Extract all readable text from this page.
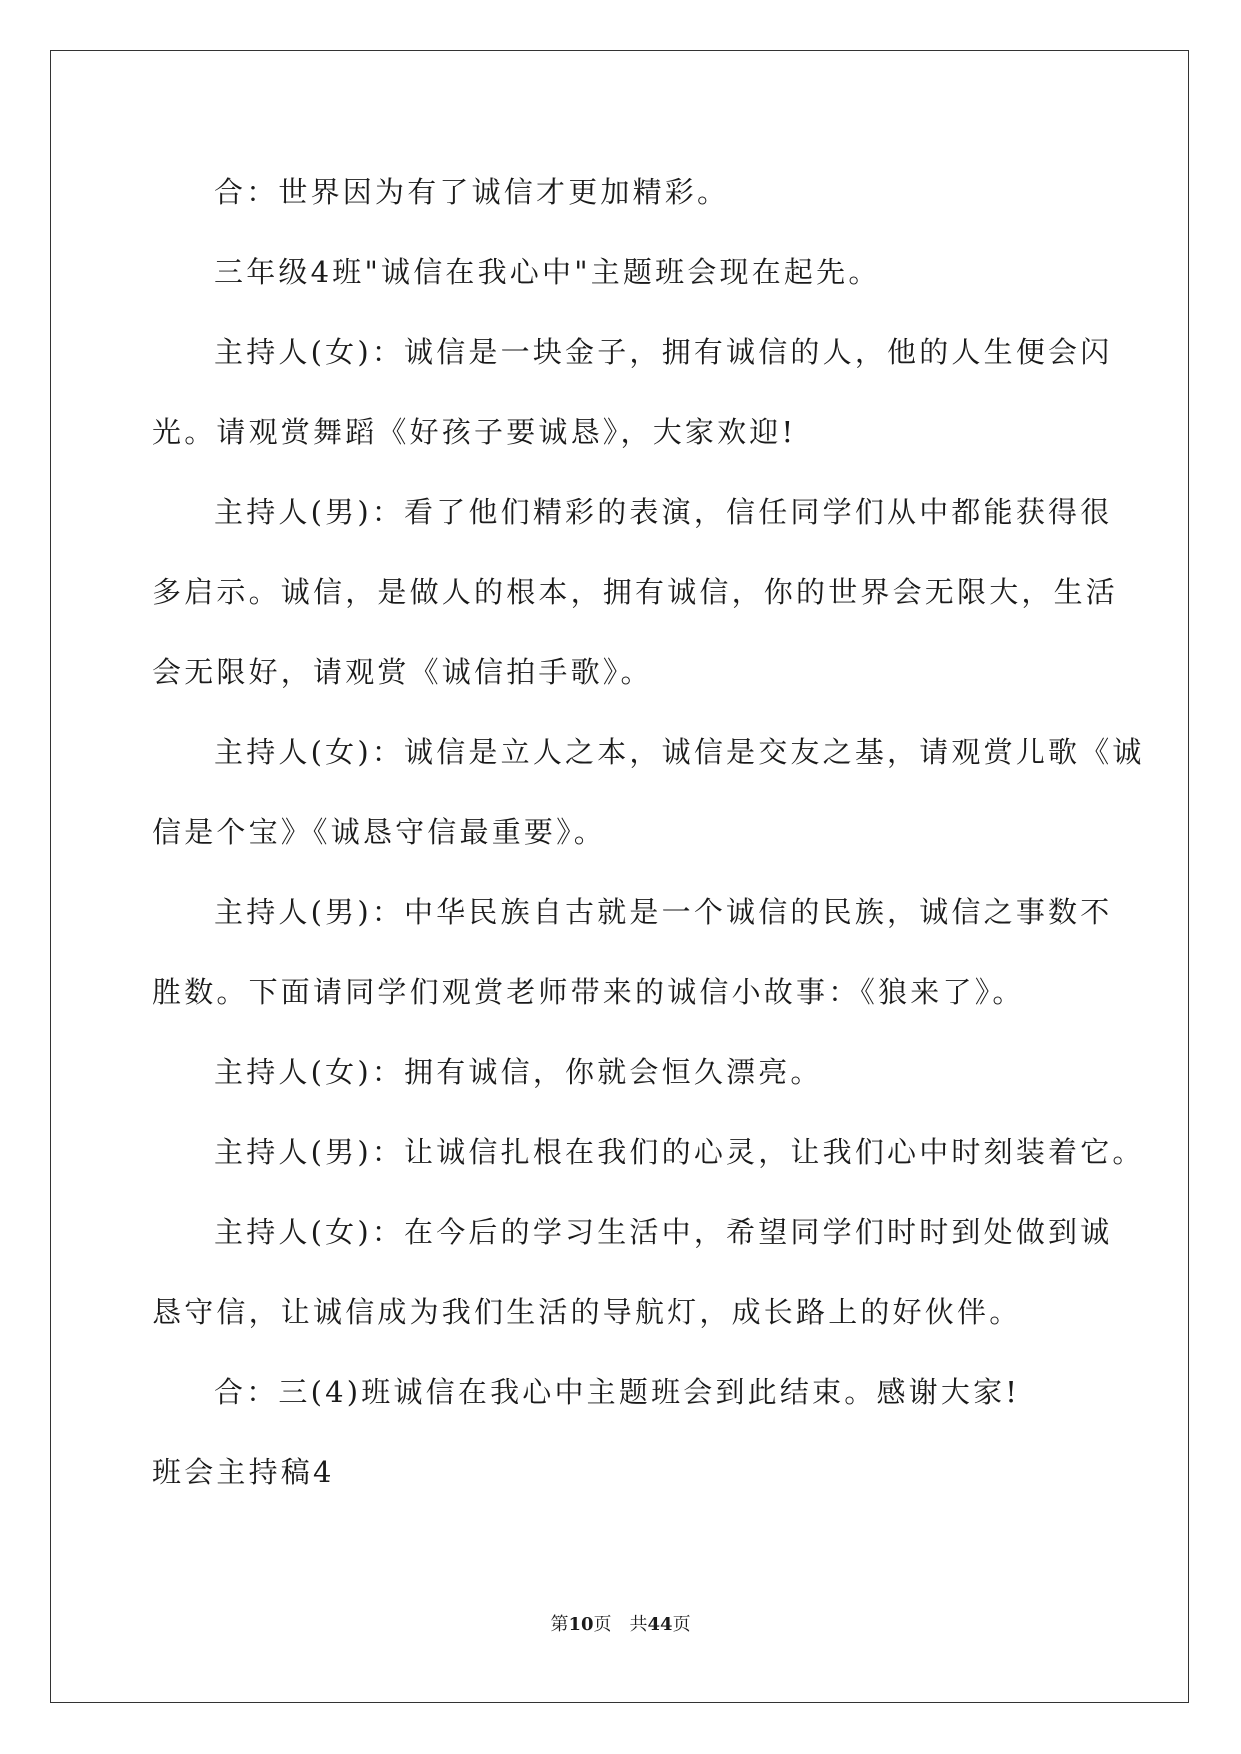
合：世界因为有了诚信才更加精彩。
三年级4班"诚信在我心中"主题班会现在起先。
主持人(女)：诚信是一块金子，拥有诚信的人，他的人生便会闪
光。请观赏舞蹈《好孩子要诚恳》，大家欢迎!
主持人(男)：看了他们精彩的表演，信任同学们从中都能获得很
多启示。诚信，是做人的根本，拥有诚信，你的世界会无限大，生活
会无限好，请观赏《诚信拍手歌》。
主持人(女)：诚信是立人之本，诚信是交友之基，请观赏儿歌《诚
信是个宝》《诚恳守信最重要》。
主持人(男)：中华民族自古就是一个诚信的民族，诚信之事数不
胜数。下面请同学们观赏老师带来的诚信小故事：《狼来了》。
主持人(女)：拥有诚信，你就会恒久漂亮。
主持人(男)：让诚信扎根在我们的心灵，让我们心中时刻装着它。
主持人(女)：在今后的学习生活中，希望同学们时时到处做到诚
恳守信，让诚信成为我们生活的导航灯，成长路上的好伙伴。
合：三(4)班诚信在我心中主题班会到此结束。感谢大家!
班会主持稿4
第10页 共44页
